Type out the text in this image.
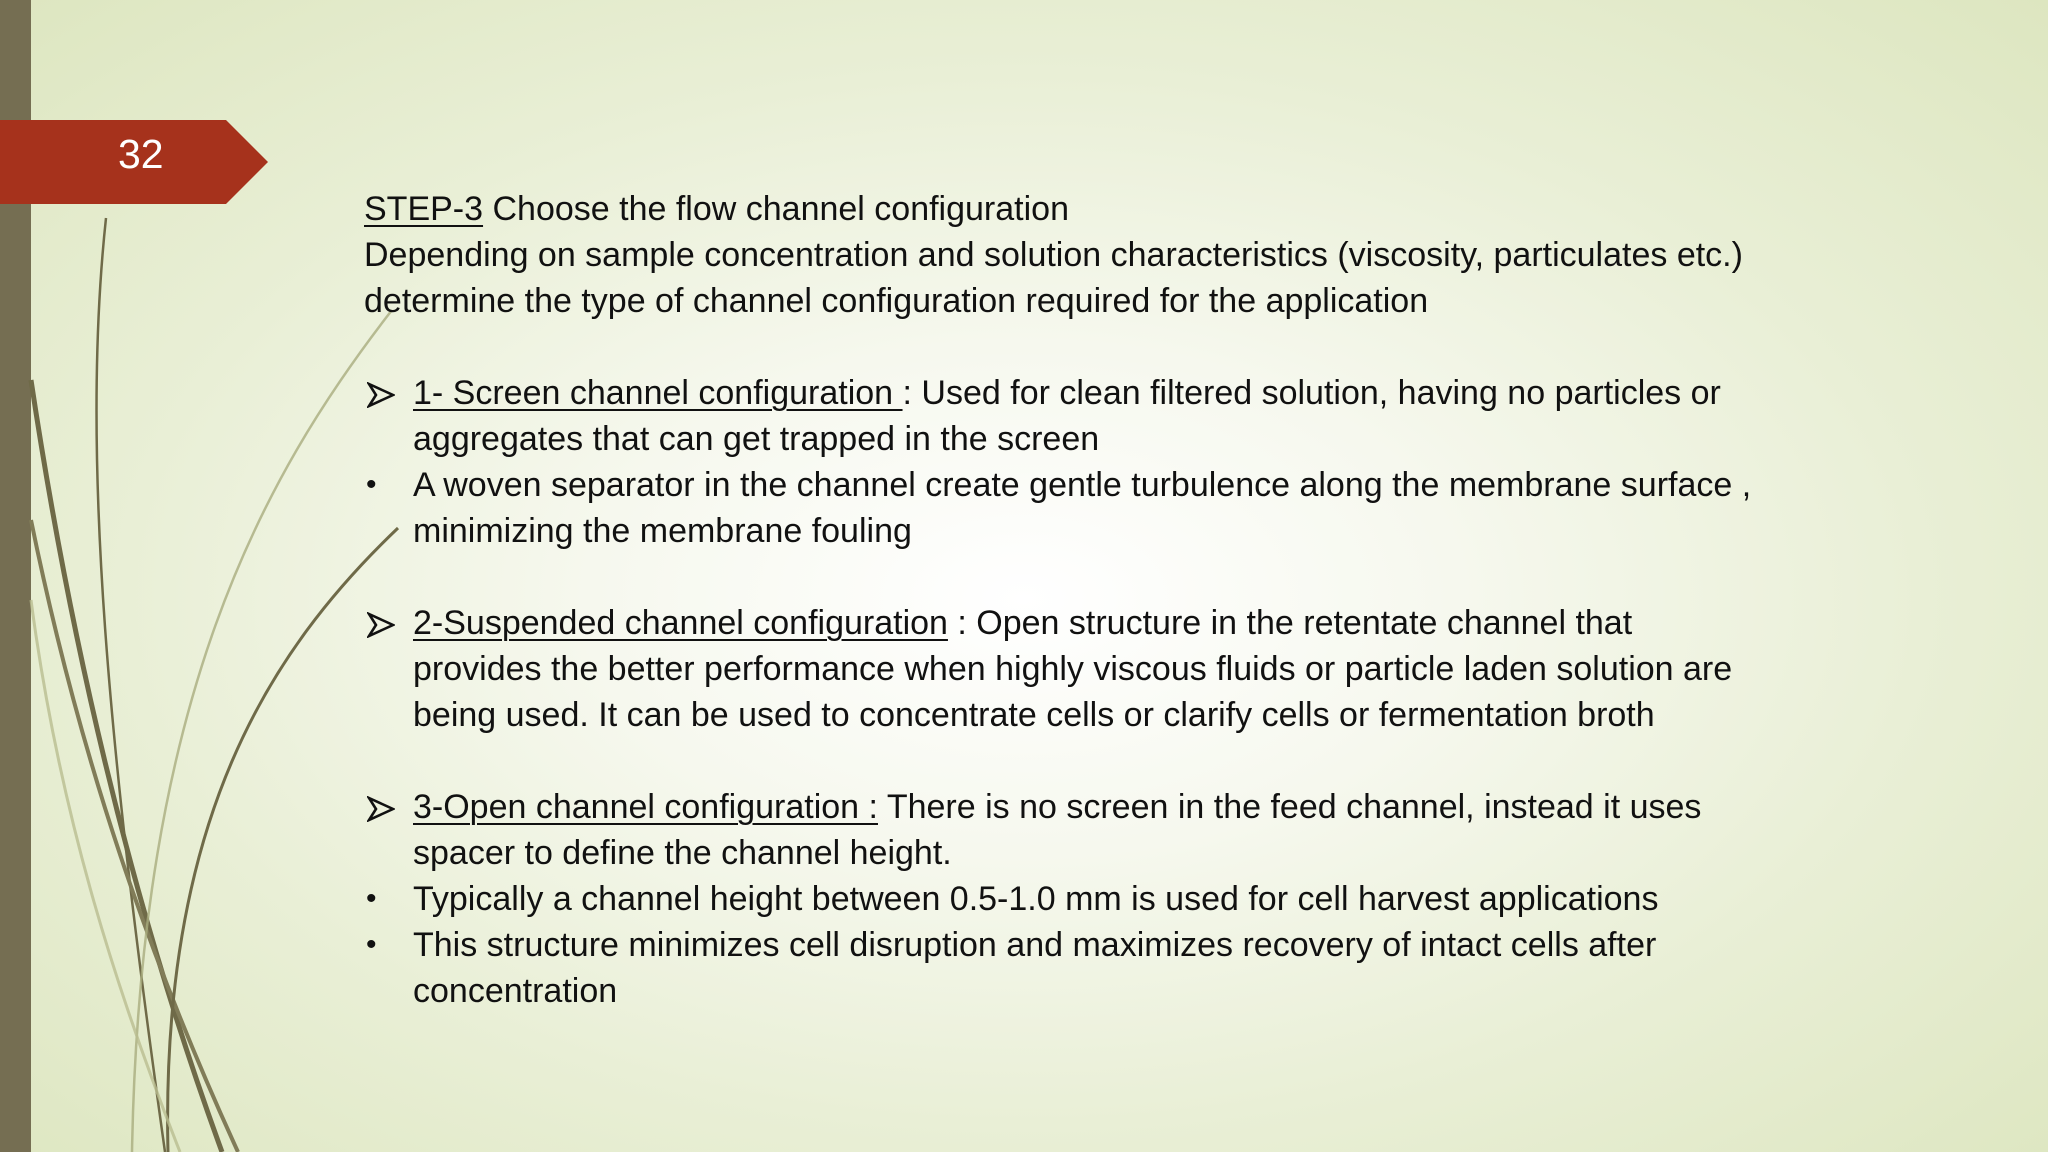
32

STEP-3 Choose the flow channel configuration

Depending on sample concentration and solution characteristics (viscosity, particulates etc.)

determine the type of channel configuration required for the application

1- Screen channel configuration : Used for clean filtered solution, having no particles or

aggregates that can get trapped in the screen

•	A woven separator in the channel create gentle turbulence along the membrane surface ,

minimizing the membrane fouling

2-Suspended channel configuration : Open structure in the retentate channel that

provides the better performance when highly viscous fluids or particle laden solution are

being used. It can be used to concentrate cells or clarify cells or fermentation broth

3-Open channel configuration : There is no screen in the feed channel, instead it uses

spacer to define the channel height.

•	Typically a channel height between 0.5-1.0 mm is used for cell harvest applications

•	This structure minimizes cell disruption and maximizes recovery of intact cells after

concentration
